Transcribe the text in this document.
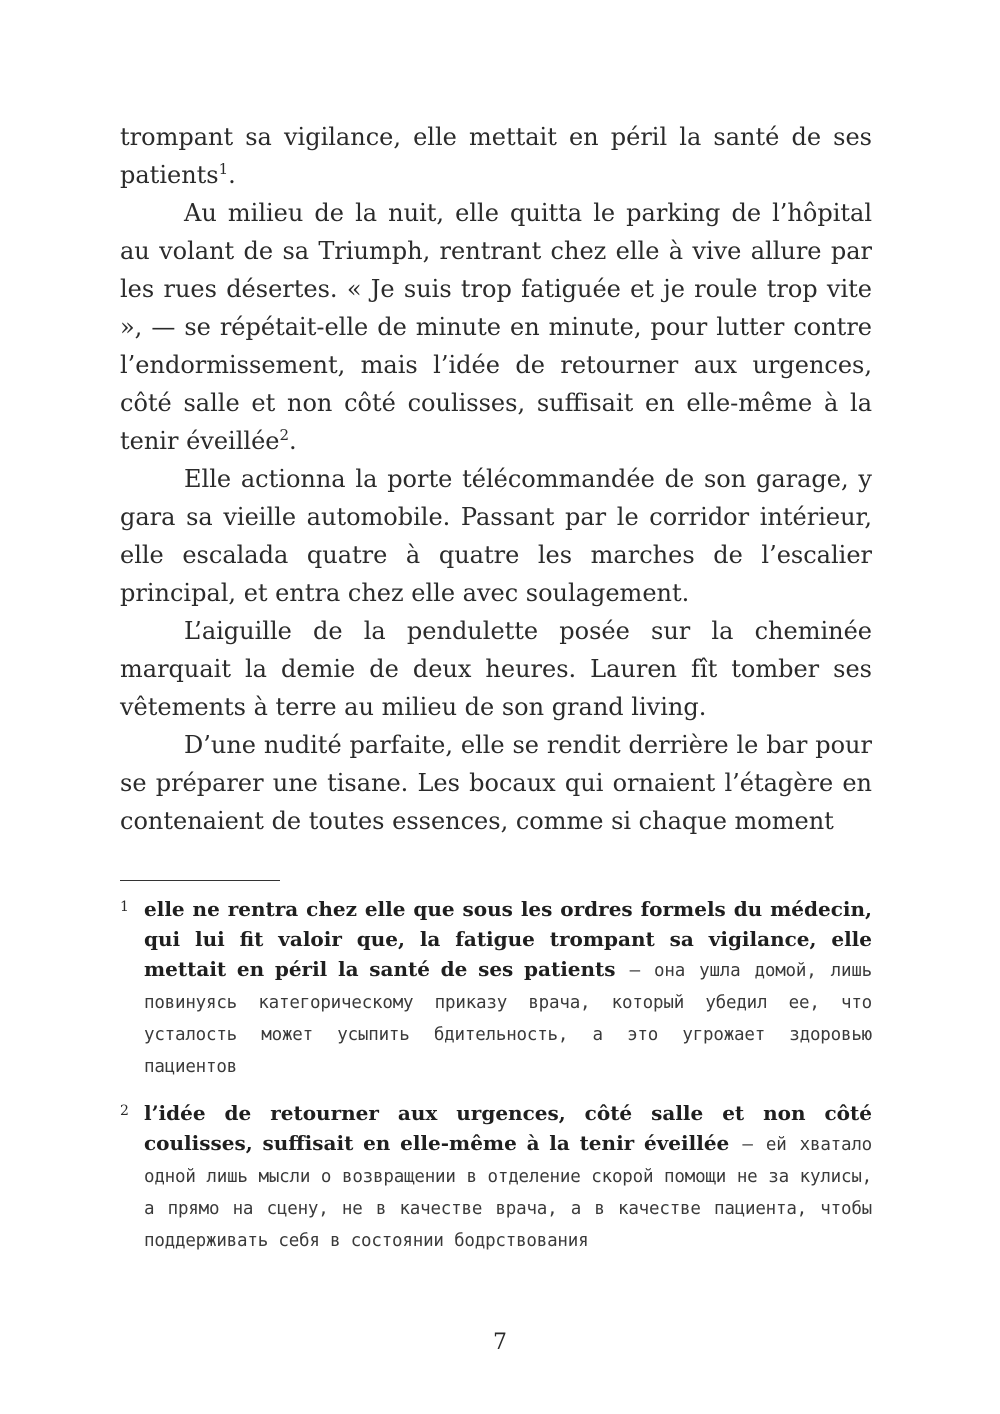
trompant sa vigilance, elle mettait en péril la santé de ses patients$^1$.

Au milieu de la nuit, elle quitta le parking de l’hôpital au volant de sa Triumph, rentrant chez elle à vive allure par les rues désertes. « Je suis trop fatiguée et je roule trop vite », — se répétait-elle de minute en minute, pour lutter contre l’endormissement, mais l’idée de retourner aux urgences, côté salle et non côté coulisses, suffisait en elle-même à la tenir éveillée$^2$.

Elle actionna la porte télécommandée de son garage, y gara sa vieille automobile. Passant par le corridor intérieur, elle escalada quatre à quatre les marches de l’escalier principal, et entra chez elle avec soulagement.

L’aiguille de la pendulette posée sur la cheminée marquait la demie de deux heures. Lauren fît tomber ses vêtements à terre au milieu de son grand living.

D’une nudité parfaite, elle se rendit derrière le bar pour se préparer une tisane. Les bocaux qui ornaient l’étagère en contenaient de toutes essences, comme si chaque moment

1 elle ne rentra chez elle que sous les ordres formels du médecin, qui lui fit valoir que, la fatigue trompant sa vigilance, elle mettait en péril la santé de ses patients — она ушла домой, лишь повинуясь категорическому приказу врача, который убедил ее, что усталость может усыпить бдительность, а это угрожает здоровью пациентов
2 l’idée de retourner aux urgences, côté salle et non côté coulisses, suffisait en elle-même à la tenir éveillée — ей хватало одной лишь мысли о возвращении в отделение скорой помощи не за кулисы, а прямо на сцену, не в качестве врача, а в качестве пациента, чтобы поддерживать себя в состоянии бодрствования
7
